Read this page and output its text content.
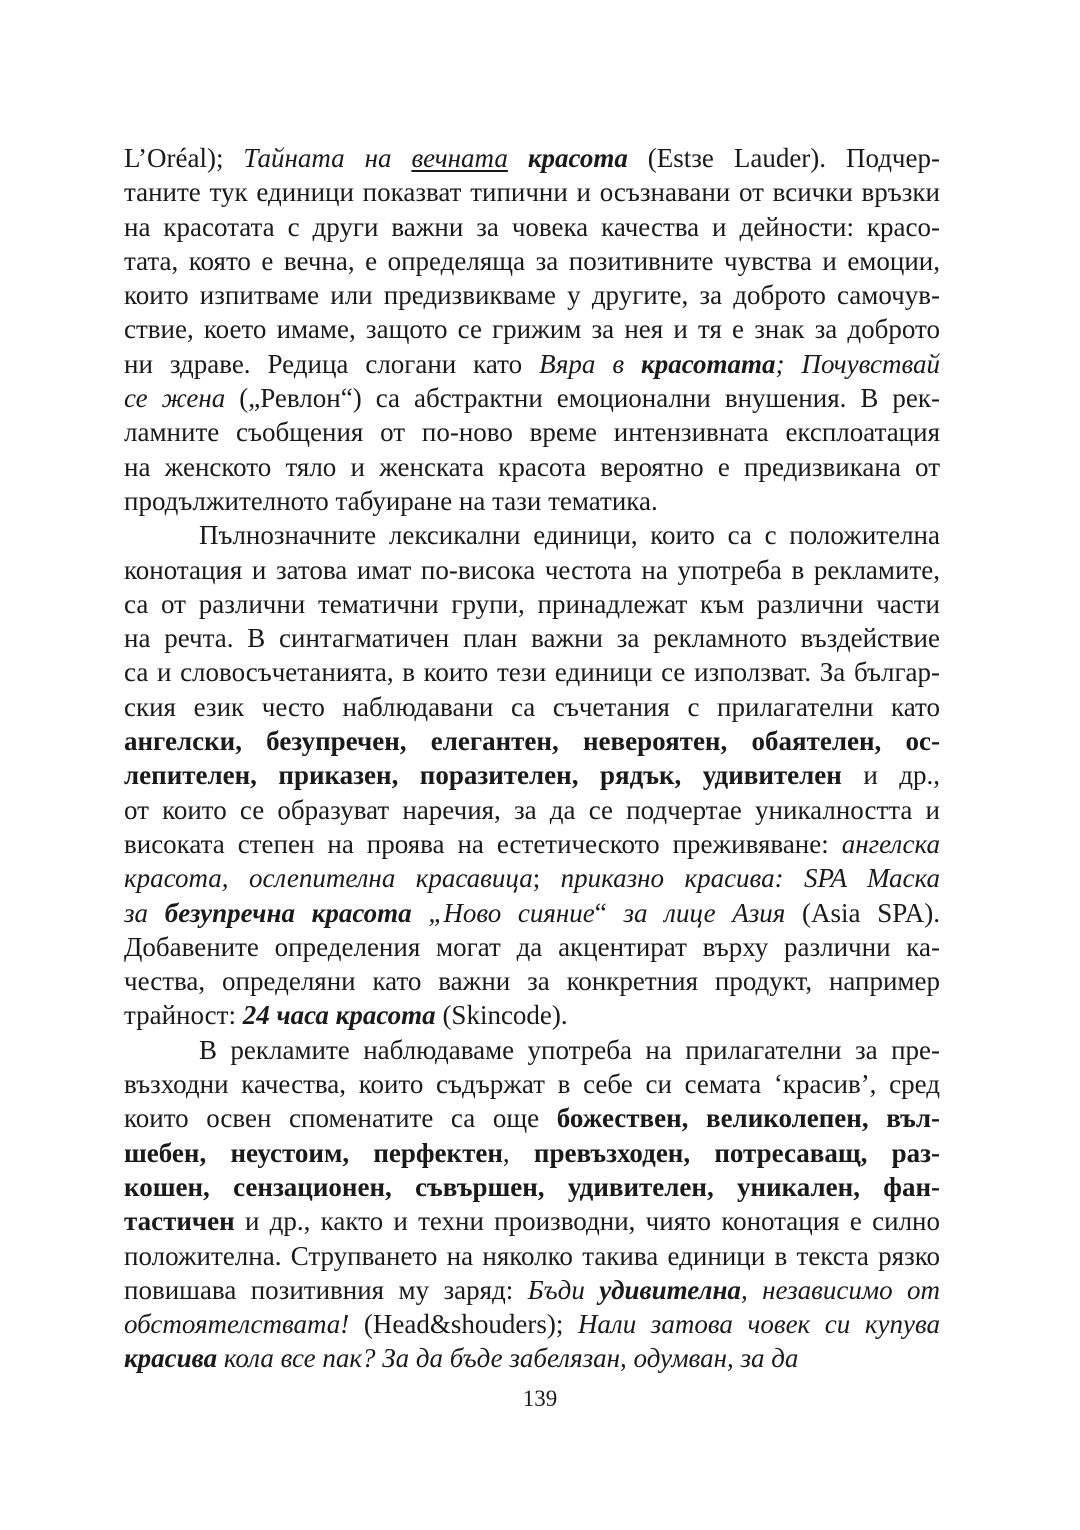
L’Oréal); Тайната на вечната красота (Estзe Lauder). Подчер-
таните тук единици показват типични и осъзнавани от всички връзки
на красотата с други важни за човека качества и дейности: красо-
тата, която е вечна, е определяща за позитивните чувства и емоции,
които изпитваме или предизвикваме у другите, за доброто самочув-
ствие, което имаме, защото се грижим за нея и тя е знак за доброто
ни здраве. Редица слогани като Вяра в красотата; Почувствай
се жена („Ревлон“) са абстрактни емоционални внушения. В рек-
ламните съобщения от по-ново време интензивната експлоатация
на женското тяло и женската красота вероятно е предизвикана от
продължителното табуиране на тази тематика.
Пълнозначните лексикални единици, които са с положителна
конотация и затова имат по-висока честота на употреба в рекламите,
са от различни тематични групи, принадлежат към различни части
на речта. В синтагматичен план важни за рекламното въздействие
са и словосъчетанията, в които тези единици се използват. За българ-
ския език често наблюдавани са съчетания с прилагателни като
ангелски, безупречен, елегантен, невероятен, обаятелен, ос-
лепителен, приказен, поразителен, рядък, удивителен и др.,
от които се образуват наречия, за да се подчертае уникалността и
високата степен на проява на естетическото преживяване: ангелска
красота, ослепителна красавица; приказно красива: SPA Маска
за безупречна красота „Ново сияние“ за лице Азия (Asia SPA).
Добавените определения могат да акцентират върху различни ка-
чества, определяни като важни за конкретния продукт, например
трайност: 24 часа красота (Skincode).
В рекламите наблюдаваме употреба на прилагателни за пре-
възходни качества, които съдържат в себе си семата ‘красив’, сред
които освен споменатите са още божествен, великолепен, въл-
шебен, неустоим, перфектен, превъзходен, потресаващ, раз-
кошен, сензационен, съвършен, удивителен, уникален, фан-
тастичен и др., както и техни производни, чиято конотация е силно
положителна. Струпването на няколко такива единици в текста рязко
повишава позитивния му заряд: Бъди удивителна, независимо от
обстоятелствата! (Head&shouders); Нали затова човек си купува
красива кола все пак? За да бъде забелязан, одумван, за да
139
